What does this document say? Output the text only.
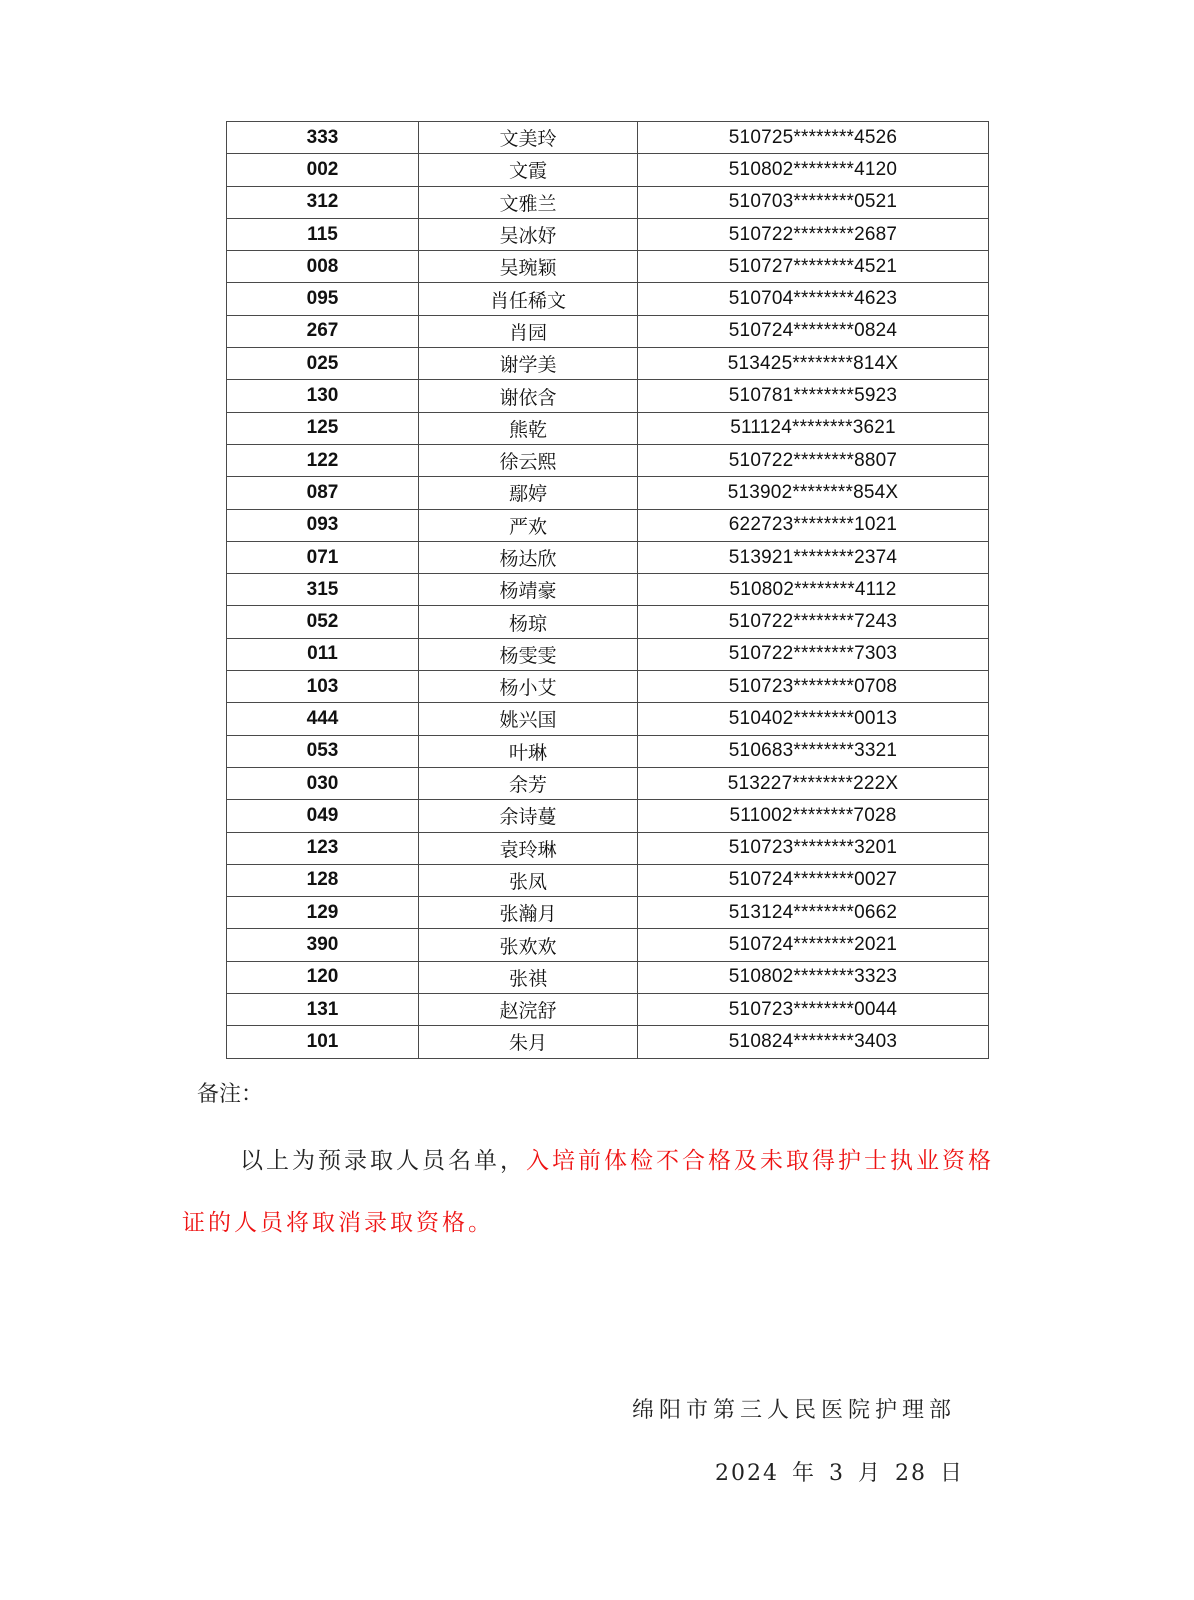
333	文美玲	510725********4526
002	文霞	510802********4120
312	文雅兰	510703********0521
115	吴冰妤	510722********2687
008	吴琬颖	510727********4521
095	肖任稀文	510704********4623
267	肖园	510724********0824
025	谢学美	513425********814X
130	谢依含	510781********5923
125	熊乾	511124********3621
122	徐云熙	510722********8807
087	鄢婷	513902********854X
093	严欢	622723********1021
071	杨达欣	513921********2374
315	杨靖豪	510802********4112
052	杨琼	510722********7243
011	杨雯雯	510722********7303
103	杨小艾	510723********0708
444	姚兴国	510402********0013
053	叶琳	510683********3321
030	余芳	513227********222X
049	余诗蔓	511002********7028
123	袁玲琳	510723********3201
128	张凤	510724********0027
129	张瀚月	513124********0662
390	张欢欢	510724********2021
120	张祺	510802********3323
131	赵浣舒	510723********0044
101	朱月	510824********3403
备注：
以上为预录取人员名单，入培前体检不合格及未取得护士执业资格证的人员将取消录取资格。
绵阳市第三人民医院护理部
2024 年 3 月 28 日
